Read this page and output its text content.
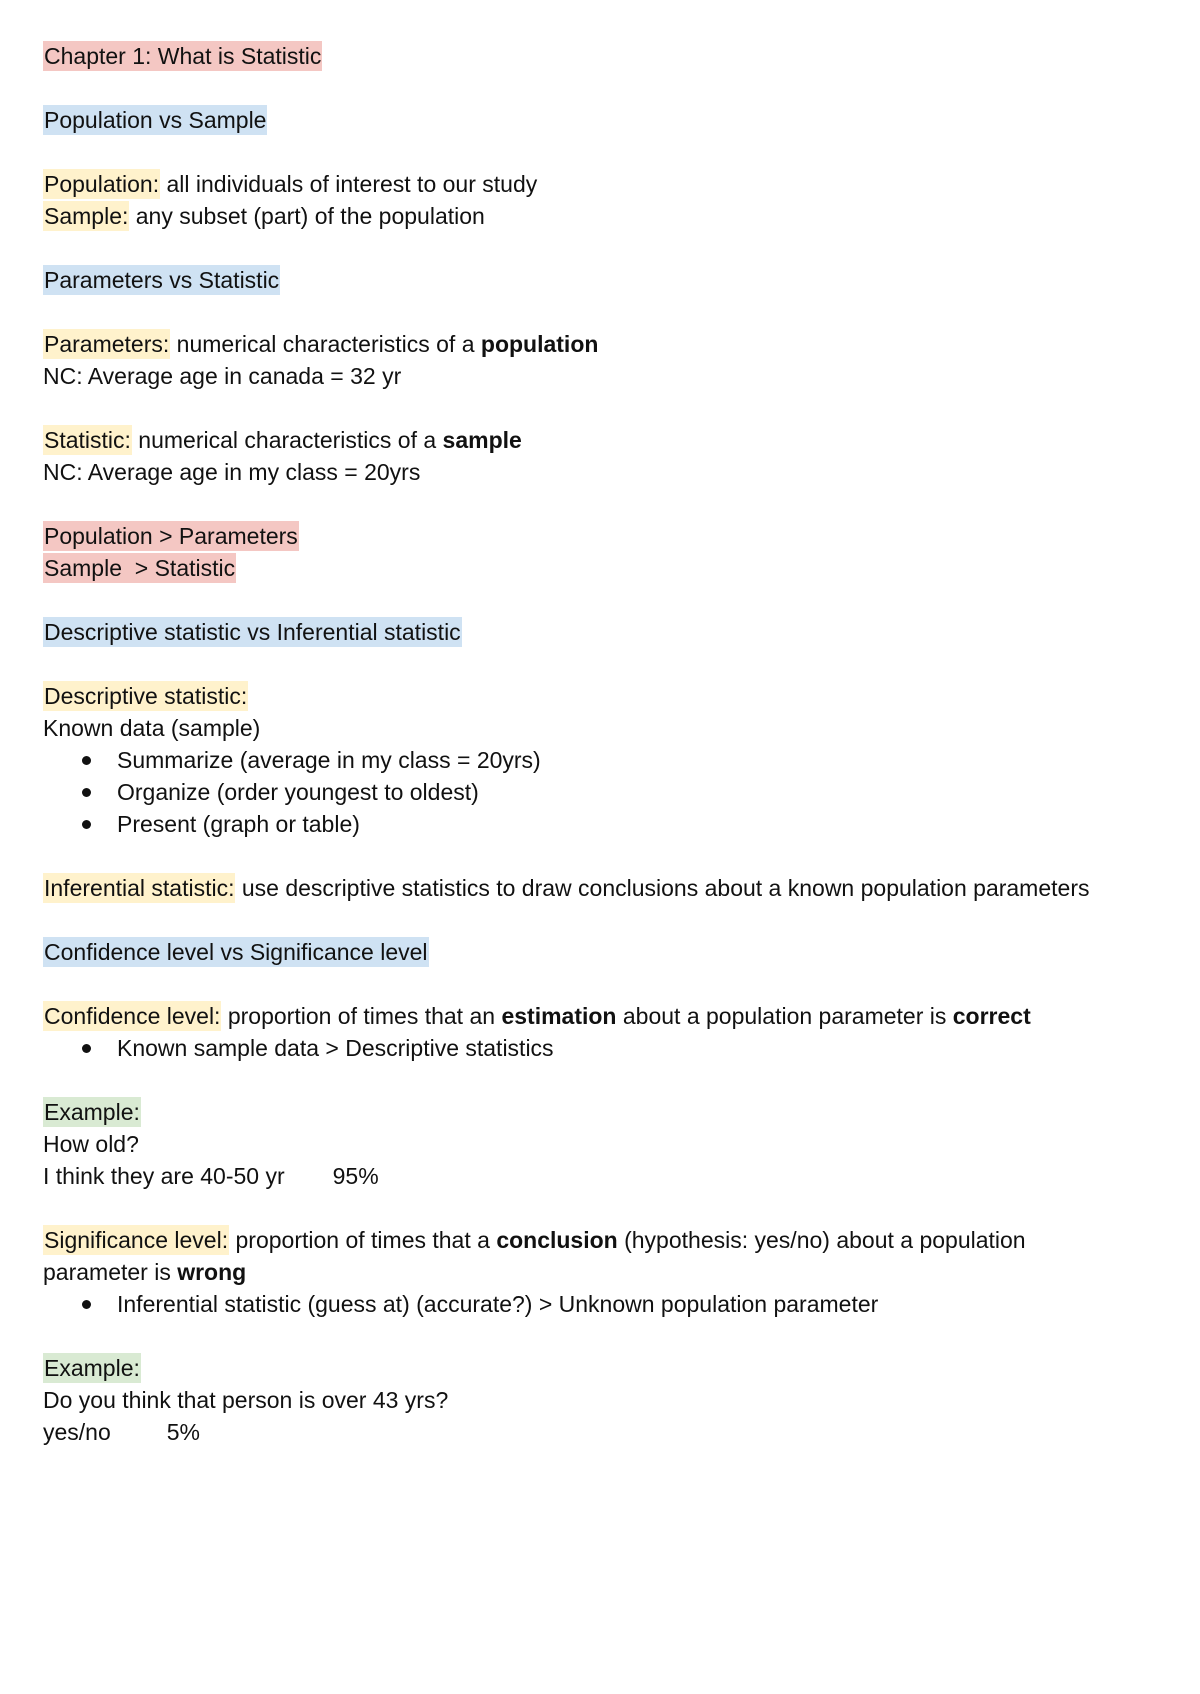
Chapter 1: What is Statistic
Population vs Sample
Population: all individuals of interest to our study
Sample: any subset (part) of the population
Parameters vs Statistic
Parameters: numerical characteristics of a population
NC: Average age in canada = 32 yr
Statistic: numerical characteristics of a sample
NC: Average age in my class = 20yrs
Population > Parameters
Sample  > Statistic
Descriptive statistic vs Inferential statistic
Descriptive statistic:
Known data (sample)
Summarize (average in my class = 20yrs)
Organize (order youngest to oldest)
Present (graph or table)
Inferential statistic: use descriptive statistics to draw conclusions about a known population parameters
Confidence level vs Significance level
Confidence level: proportion of times that an estimation about a population parameter is correct
Known sample data > Descriptive statistics
Example:
How old?
I think they are 40-50 yr 95%
Significance level: proportion of times that a conclusion (hypothesis: yes/no) about a population
parameter is wrong
Inferential statistic (guess at) (accurate?) > Unknown population parameter
Example:
Do you think that person is over 43 yrs?
yes/no 5%
